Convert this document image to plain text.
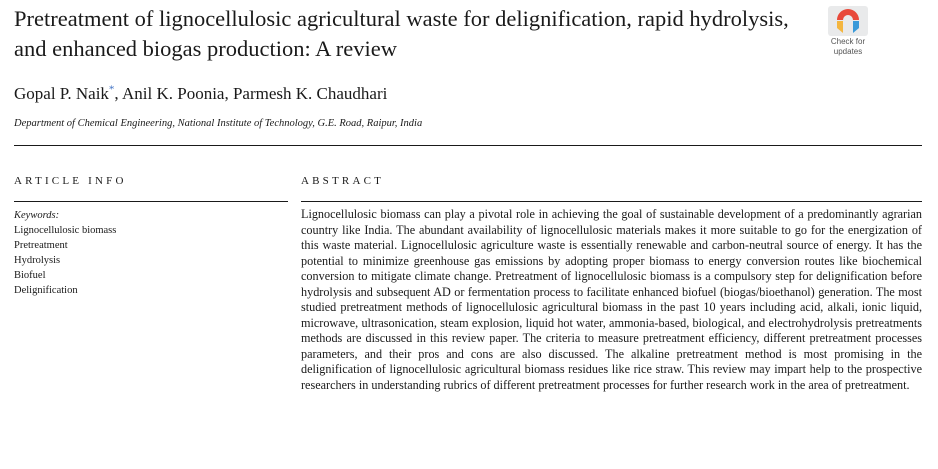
Pretreatment of lignocellulosic agricultural waste for delignification, rapid hydrolysis, and enhanced biogas production: A review	Check for
updates
Gopal P. Naik*, Anil K. Poonia, Parmesh K. Chaudhari
Department of Chemical Engineering, National Institute of Technology, G.E. Road, Raipur, India
ARTICLE INFO	ABSTRACT
Keywords:
Lignocellulosic biomass
Pretreatment
Hydrolysis
Biofuel
Delignification

Lignocellulosic biomass can play a pivotal role in achieving the goal of sustainable development of a predominantly agrarian country like India. The abundant availability of lignocellulosic materials makes it more suitable to go for the energization of this waste material. Lignocellulosic agriculture waste is essentially renewable and carbon-neutral source of energy. It has the potential to minimize greenhouse gas emissions by adopting proper biomass to energy conversion routes like biochemical conversion to mitigate climate change. Pretreatment of lignocellulosic biomass is a compulsory step for delignification before hydrolysis and subsequent AD or fermentation process to facilitate enhanced biofuel (biogas/bioethanol) generation. The most studied pretreatment methods of lignocellulosic agricultural biomass in the past 10 years including acid, alkali, ionic liquid, microwave, ultrasonication, steam explosion, liquid hot water, ammonia-based, biological, and electrohydrolysis pretreatments methods are discussed in this review paper. The criteria to measure pretreatment efficiency, different pretreatment processes parameters, and their pros and cons are also discussed. The alkaline pretreatment method is most promising in the delignification of lignocellulosic agricultural biomass residues like rice straw. This review may impart help to the prospective researchers in understanding rubrics of different pretreatment processes for further research work in the area of pretreatment.
